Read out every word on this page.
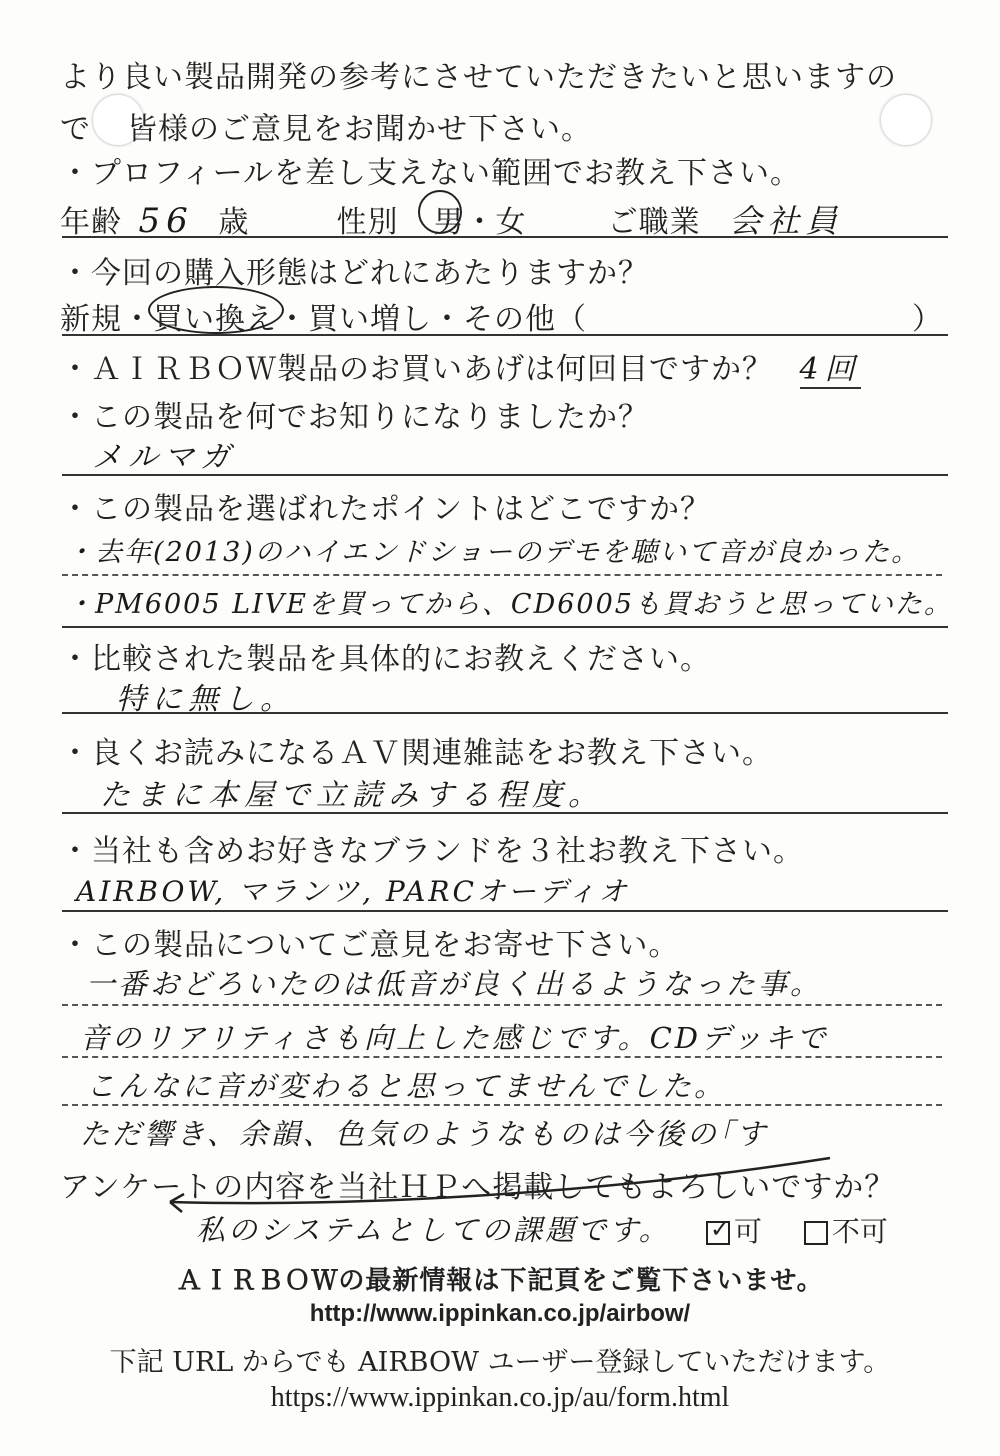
より良い製品開発の参考にさせていただきたいと思いますの
で 皆様のご意見をお聞かせ下さい。
・プロフィールを差し支えない範囲でお教え下さい。
年齢 56 歳	性別 男・女	ご職業 会社員
・今回の購入形態はどれにあたりますか？
新規・買い換え・買い増し・その他（	）
・ＡＩＲＢＯＷ製品のお買いあげは何回目ですか？ 4回
・この製品を何でお知りになりましたか？
メルマガ
・この製品を選ばれたポイントはどこですか？
・去年(2013)のハイエンドショーのデモを聴いて音が良かった。
・PM6005 LIVEを買ってから、CD6005も買おうと思っていた。
・比較された製品を具体的にお教えください。
特に無し。
・良くお読みになるＡＶ関連雑誌をお教え下さい。
たまに本屋で立読みする程度。
・当社も含めお好きなブランドを３社お教え下さい。
AIRBOW, マランツ, PARCオーディオ
・この製品についてご意見をお寄せ下さい。
一番おどろいたのは低音が良く出るようなった事。
音のリアリティさも向上した感じです。CDデッキで
こんなに音が変わると思ってませんでした。
ただ響き、余韻、色気のようなものは今後の｢す
アンケートの内容を当社ＨＰへ掲載してもよろしいですか？
私のシステムとしての課題です。 ✓ 可 不可
ＡＩＲＢＯＷの最新情報は下記頁をご覧下さいませ。
http://www.ippinkan.co.jp/airbow/
下記 URL からでも AIRBOW ユーザー登録していただけます。
https://www.ippinkan.co.jp/au/form.html
